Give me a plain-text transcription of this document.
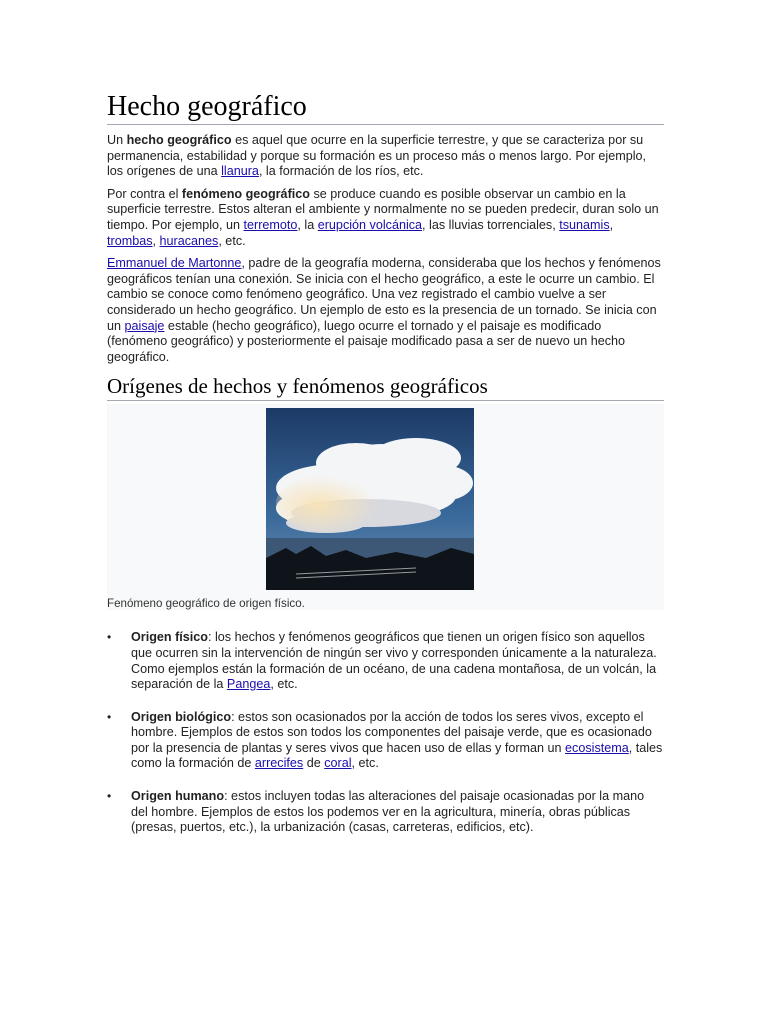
Hecho geográfico

Un hecho geográfico es aquel que ocurre en la superficie terrestre, y que se caracteriza por su permanencia, estabilidad y porque su formación es un proceso más o menos largo. Por ejemplo, los orígenes de una llanura, la formación de los ríos, etc.

Por contra el fenómeno geográfico se produce cuando es posible observar un cambio en la superficie terrestre. Estos alteran el ambiente y normalmente no se pueden predecir, duran solo un tiempo. Por ejemplo, un terremoto, la erupción volcánica, las lluvias torrenciales, tsunamis, trombas, huracanes, etc.

Emmanuel de Martonne, padre de la geografía moderna, consideraba que los hechos y fenómenos geográficos tenían una conexión. Se inicia con el hecho geográfico, a este le ocurre un cambio. El cambio se conoce como fenómeno geográfico. Una vez registrado el cambio vuelve a ser considerado un hecho geográfico. Un ejemplo de esto es la presencia de un tornado. Se inicia con un paisaje estable (hecho geográfico), luego ocurre el tornado y el paisaje es modificado (fenómeno geográfico) y posteriormente el paisaje modificado pasa a ser de nuevo un hecho geográfico.

Orígenes de hechos y fenómenos geográficos
Fenómeno geográfico de origen físico.
• Origen físico: los hechos y fenómenos geográficos que tienen un origen físico son aquellos que ocurren sin la intervención de ningún ser vivo y corresponden únicamente a la naturaleza. Como ejemplos están la formación de un océano, de una cadena montañosa, de un volcán, la separación de la Pangea, etc.
• Origen biológico: estos son ocasionados por la acción de todos los seres vivos, excepto el hombre. Ejemplos de estos son todos los componentes del paisaje verde, que es ocasionado por la presencia de plantas y seres vivos que hacen uso de ellas y forman un ecosistema, tales como la formación de arrecifes de coral, etc.
• Origen humano: estos incluyen todas las alteraciones del paisaje ocasionadas por la mano del hombre. Ejemplos de estos los podemos ver en la agricultura, minería, obras públicas (presas, puertos, etc.), la urbanización (casas, carreteras, edificios, etc).
